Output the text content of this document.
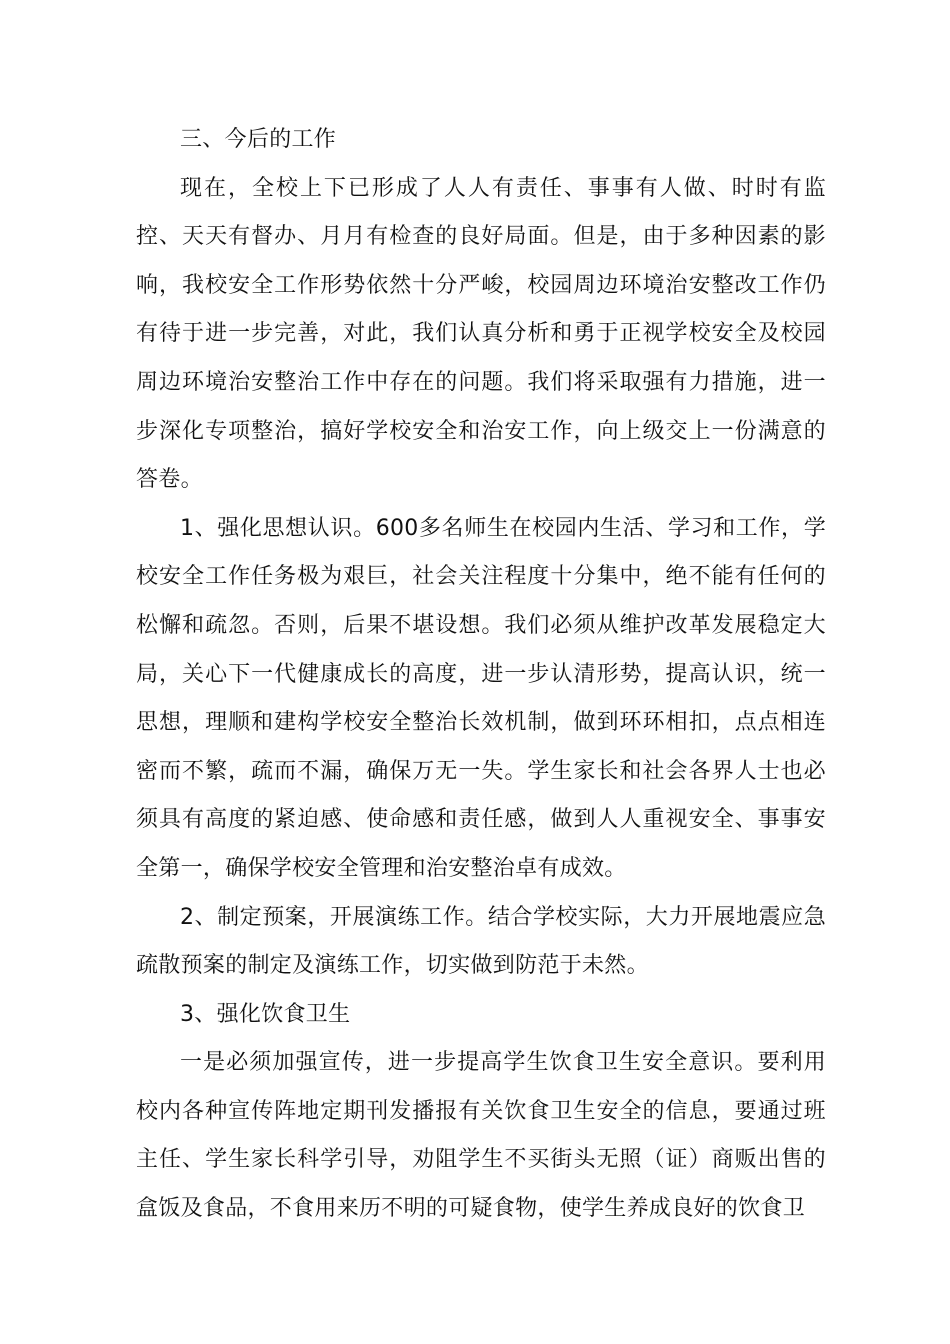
三、今后的工作

现在，全校上下已形成了人人有责任、事事有人做、时时有监控、天天有督办、月月有检查的良好局面。但是，由于多种因素的影响，我校安全工作形势依然十分严峻，校园周边环境治安整改工作仍有待于进一步完善，对此，我们认真分析和勇于正视学校安全及校园周边环境治安整治工作中存在的问题。我们将采取强有力措施，进一步深化专项整治，搞好学校安全和治安工作，向上级交上一份满意的答卷。

1、强化思想认识。600多名师生在校园内生活、学习和工作，学校安全工作任务极为艰巨，社会关注程度十分集中，绝不能有任何的松懈和疏忽。否则，后果不堪设想。我们必须从维护改革发展稳定大局，关心下一代健康成长的高度，进一步认清形势，提高认识，统一思想，理顺和建构学校安全整治长效机制，做到环环相扣，点点相连密而不繁，疏而不漏，确保万无一失。学生家长和社会各界人士也必须具有高度的紧迫感、使命感和责任感，做到人人重视安全、事事安全第一，确保学校安全管理和治安整治卓有成效。

2、制定预案，开展演练工作。结合学校实际，大力开展地震应急疏散预案的制定及演练工作，切实做到防范于未然。

3、强化饮食卫生

一是必须加强宣传，进一步提高学生饮食卫生安全意识。要利用校内各种宣传阵地定期刊发播报有关饮食卫生安全的信息，要通过班主任、学生家长科学引导，劝阻学生不买街头无照（证）商贩出售的盒饭及食品，不食用来历不明的可疑食物，使学生养成良好的饮食卫
